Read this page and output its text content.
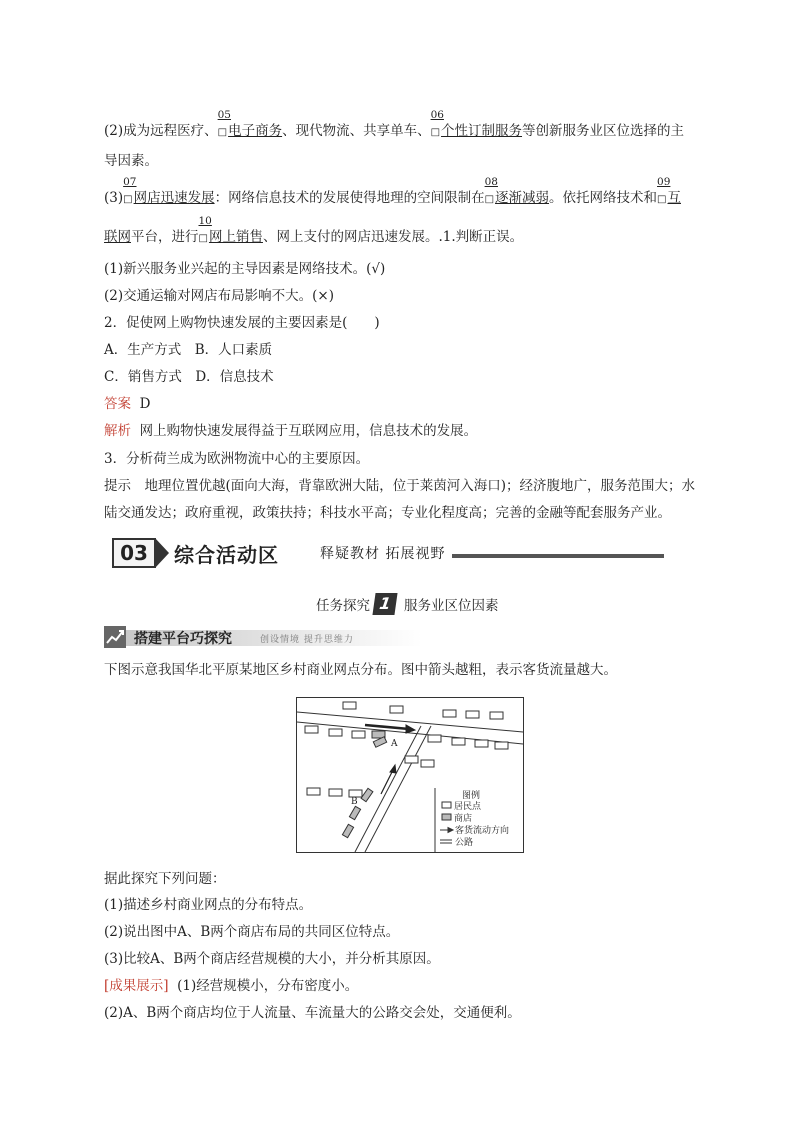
(2)成为远程医疗、
05
□电子商务、现代物流、共享单车、
06
□个性订制服务等创新服务业区位选择的主
导因素。
(3)
07
□网店迅速发展：网络信息技术的发展使得地理的空间限制在
08
□逐渐减弱。依托网络技术和
09
□互
联网平台，进行
10
□网上销售、网上支付的网店迅速发展。.1.判断正误。
(1)新兴服务业兴起的主导因素是网络技术。(√)
(2)交通运输对网店布局影响不大。(×)
2．促使网上购物快速发展的主要因素是(　　)
A．生产方式　B．人口素质
C．销售方式　D．信息技术
答案 D
解析 网上购物快速发展得益于互联网应用，信息技术的发展。
3．分析荷兰成为欧洲物流中心的主要原因。
提示　地理位置优越(面向大海，背靠欧洲大陆，位于莱茵河入海口)；经济腹地广，服务范围大；水
陆交通发达；政府重视，政策扶持；科技水平高；专业化程度高；完善的金融等配套服务产业。
03	综合活动区	释疑教材 拓展视野
任务探究 1 服务业区位因素
搭建平台巧探究	创设情境 提升思维力
下图示意我国华北平原某地区乡村商业网点分布。图中箭头越粗，表示客货流量越大。
A
B
图例
居民点
商店
客货流动方向
公路
据此探究下列问题：
(1)描述乡村商业网点的分布特点。
(2)说出图中A、B两个商店布局的共同区位特点。
(3)比较A、B两个商店经营规模的大小，并分析其原因。
[成果展示] (1)经营规模小，分布密度小。
(2)A、B两个商店均位于人流量、车流量大的公路交会处，交通便利。
